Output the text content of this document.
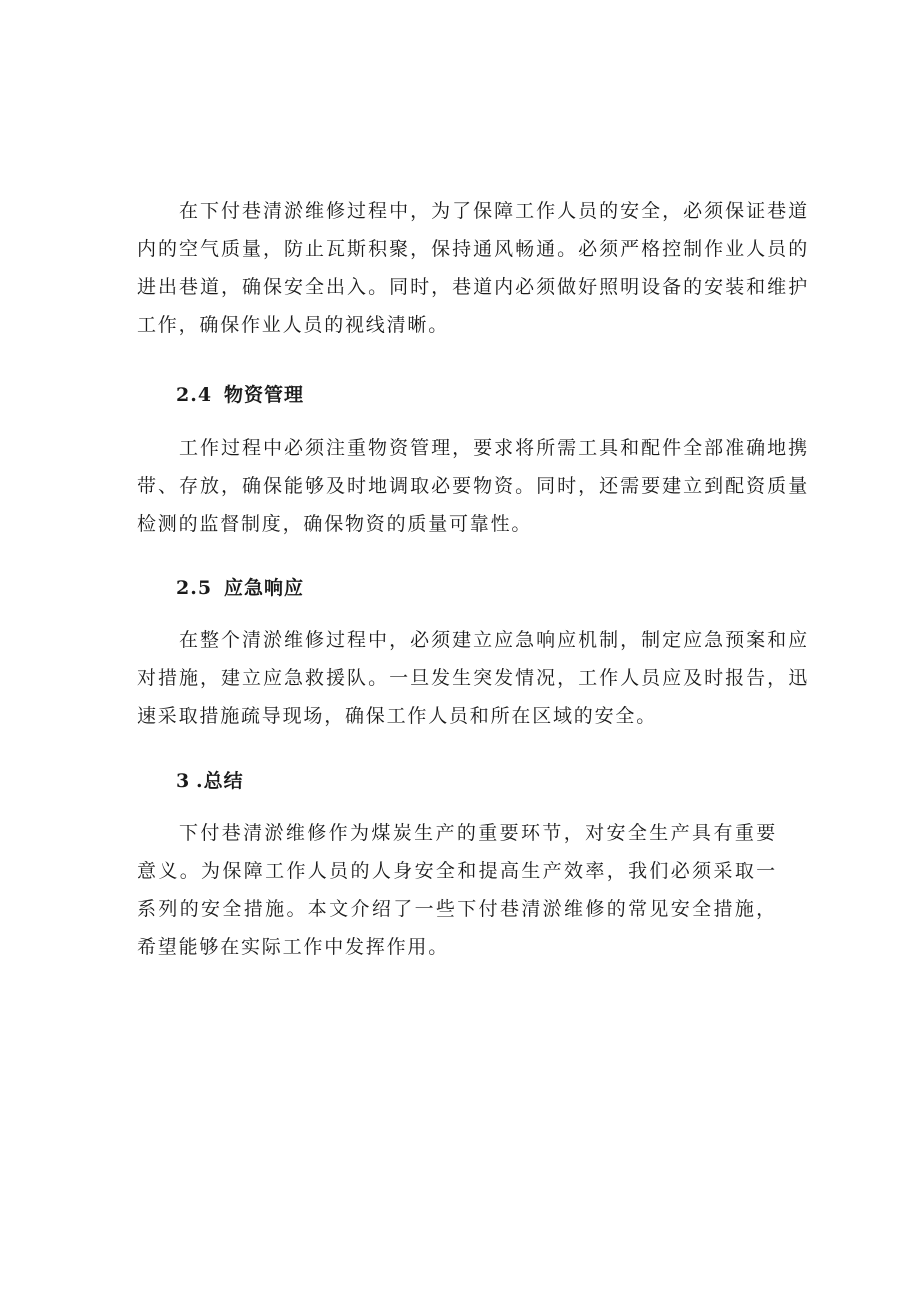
在下付巷清淤维修过程中，为了保障工作人员的安全，必须保证巷道内的空气质量，防止瓦斯积聚，保持通风畅通。必须严格控制作业人员的进出巷道，确保安全出入。同时，巷道内必须做好照明设备的安装和维护工作，确保作业人员的视线清晰。

2.4 物资管理

工作过程中必须注重物资管理，要求将所需工具和配件全部准确地携带、存放，确保能够及时地调取必要物资。同时，还需要建立到配资质量检测的监督制度，确保物资的质量可靠性。

2.5 应急响应

在整个清淤维修过程中，必须建立应急响应机制，制定应急预案和应对措施，建立应急救援队。一旦发生突发情况，工作人员应及时报告，迅速采取措施疏导现场，确保工作人员和所在区域的安全。

3 .总结

下付巷清淤维修作为煤炭生产的重要环节，对安全生产具有重要意义。为保障工作人员的人身安全和提高生产效率，我们必须采取一系列的安全措施。本文介绍了一些下付巷清淤维修的常见安全措施，希望能够在实际工作中发挥作用。
